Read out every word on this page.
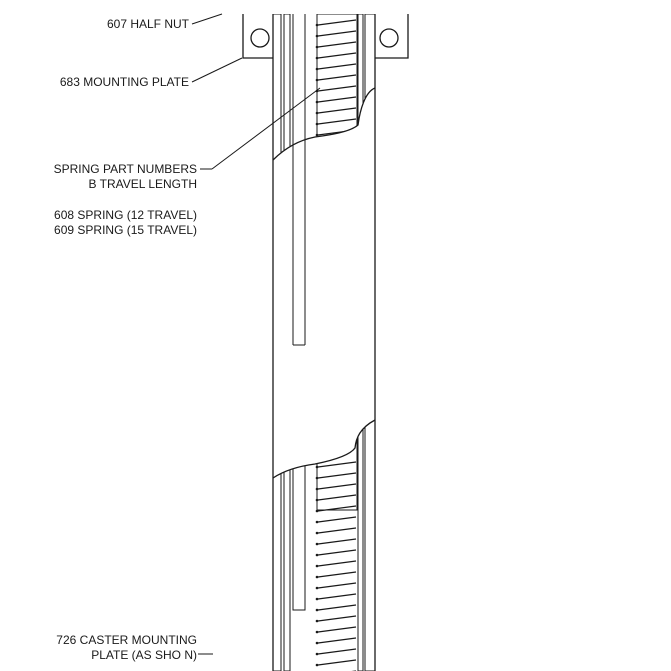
607 HALF NUT
683 MOUNTING PLATE
SPRING PART NUMBERS
B TRAVEL LENGTH
608 SPRING (12 TRAVEL)
609 SPRING (15 TRAVEL)
726 CASTER MOUNTING
PLATE (AS SHO N)
